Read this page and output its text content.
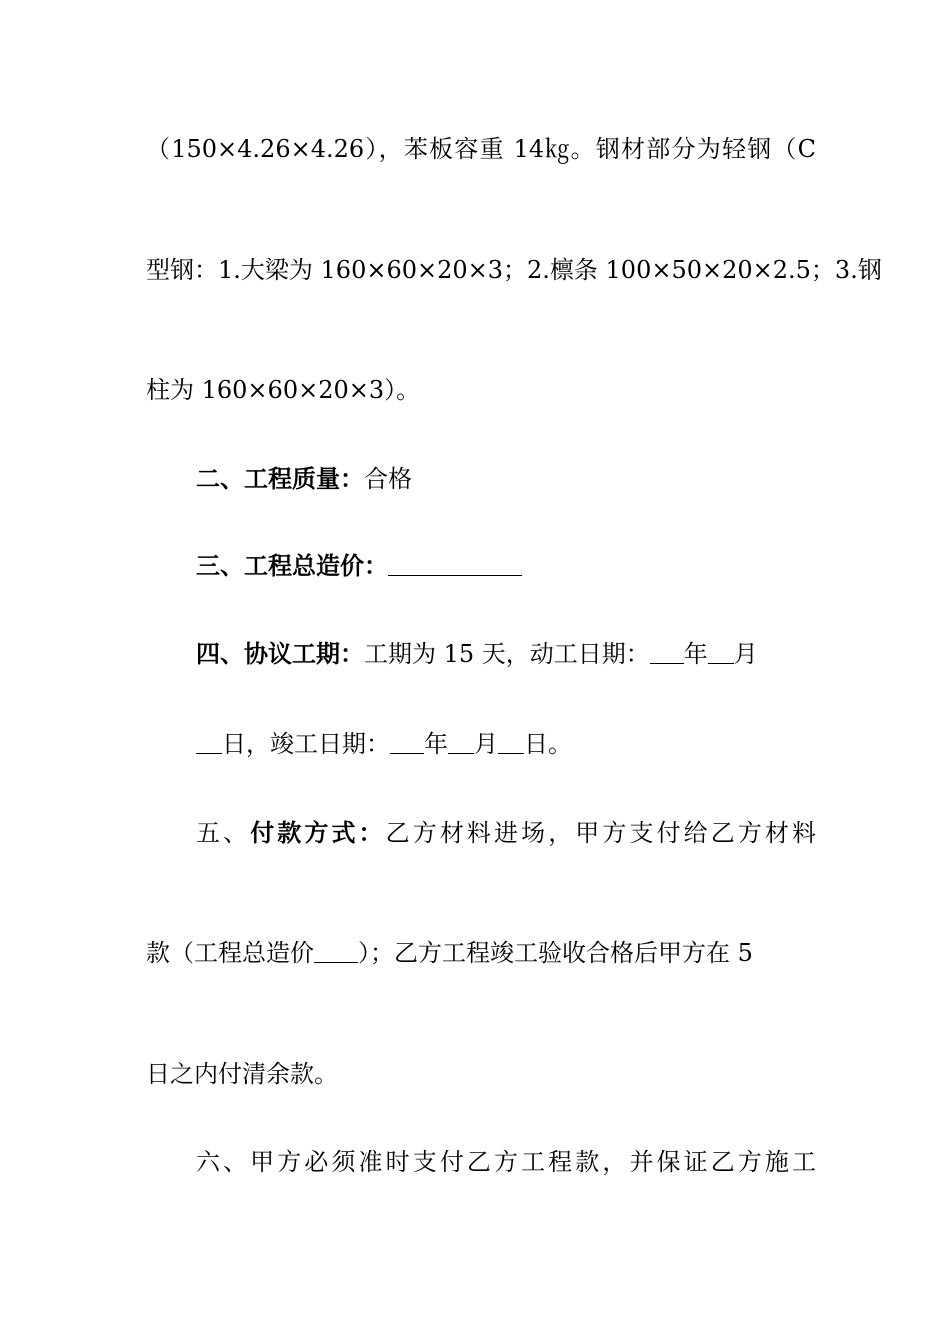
（150×4.26×4.26），苯板容重 14㎏。钢材部分为轻钢（C
型钢：1.大梁为 160×60×20×3；2.檩条 100×50×20×2.5；3.钢
柱为 160×60×20×3）。
二、工程质量：合格
三、工程总造价：
四、协议工期：工期为 15 天，动工日期： 年 月
日，竣工日期： 年 月 日。
五、付款方式：乙方材料进场，甲方支付给乙方材料
款（工程总造价 ）；乙方工程竣工验收合格后甲方在 5
日之内付清余款。
六、甲方必须准时支付乙方工程款，并保证乙方施工
